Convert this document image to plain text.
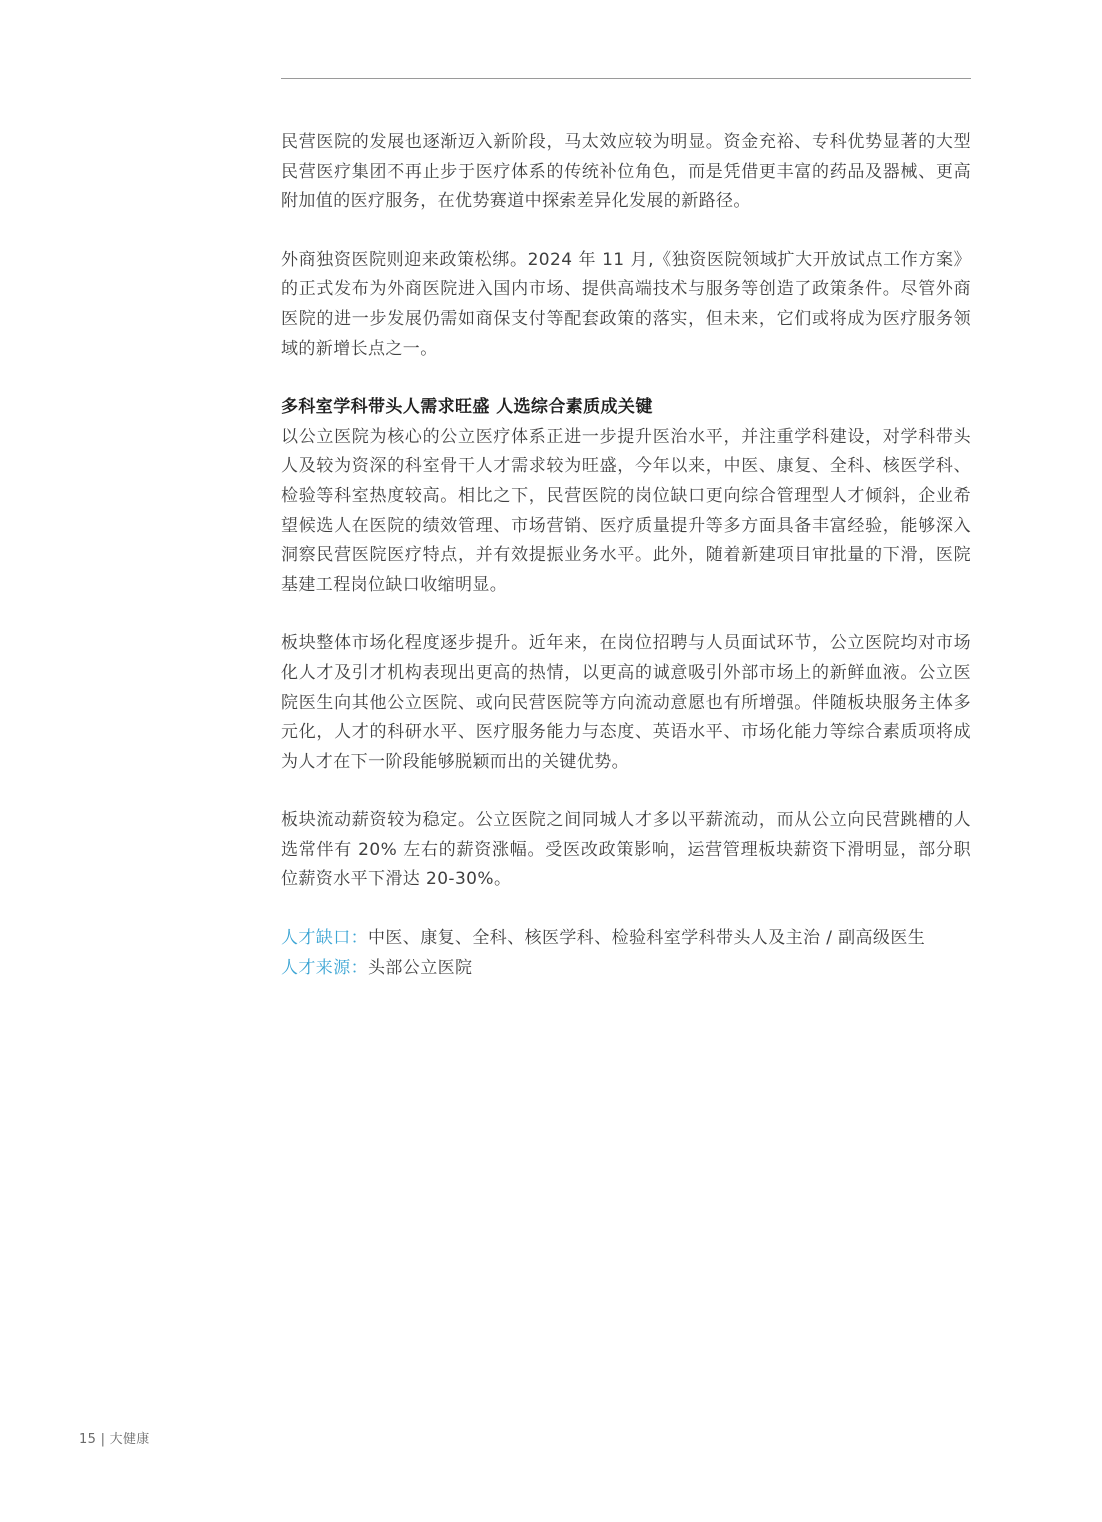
民营医院的发展也逐渐迈入新阶段，马太效应较为明显。资金充裕、专科优势显著的大型民营医疗集团不再止步于医疗体系的传统补位角色，而是凭借更丰富的药品及器械、更高附加值的医疗服务，在优势赛道中探索差异化发展的新路径。

外商独资医院则迎来政策松绑。2024 年 11 月,《独资医院领域扩大开放试点工作方案》的正式发布为外商医院进入国内市场、提供高端技术与服务等创造了政策条件。尽管外商医院的进一步发展仍需如商保支付等配套政策的落实，但未来，它们或将成为医疗服务领域的新增长点之一。

多科室学科带头人需求旺盛 人选综合素质成关键

以公立医院为核心的公立医疗体系正进一步提升医治水平，并注重学科建设，对学科带头人及较为资深的科室骨干人才需求较为旺盛，今年以来，中医、康复、全科、核医学科、检验等科室热度较高。相比之下，民营医院的岗位缺口更向综合管理型人才倾斜，企业希望候选人在医院的绩效管理、市场营销、医疗质量提升等多方面具备丰富经验，能够深入洞察民营医院医疗特点，并有效提振业务水平。此外，随着新建项目审批量的下滑，医院基建工程岗位缺口收缩明显。

板块整体市场化程度逐步提升。近年来，在岗位招聘与人员面试环节，公立医院均对市场化人才及引才机构表现出更高的热情，以更高的诚意吸引外部市场上的新鲜血液。公立医院医生向其他公立医院、或向民营医院等方向流动意愿也有所增强。伴随板块服务主体多元化，人才的科研水平、医疗服务能力与态度、英语水平、市场化能力等综合素质项将成为人才在下一阶段能够脱颖而出的关键优势。

板块流动薪资较为稳定。公立医院之间同城人才多以平薪流动，而从公立向民营跳槽的人选常伴有 20% 左右的薪资涨幅。受医改政策影响，运营管理板块薪资下滑明显，部分职位薪资水平下滑达 20-30%。

人才缺口：中医、康复、全科、核医学科、检验科室学科带头人及主治 / 副高级医生
人才来源：头部公立医院
15 | 大健康
